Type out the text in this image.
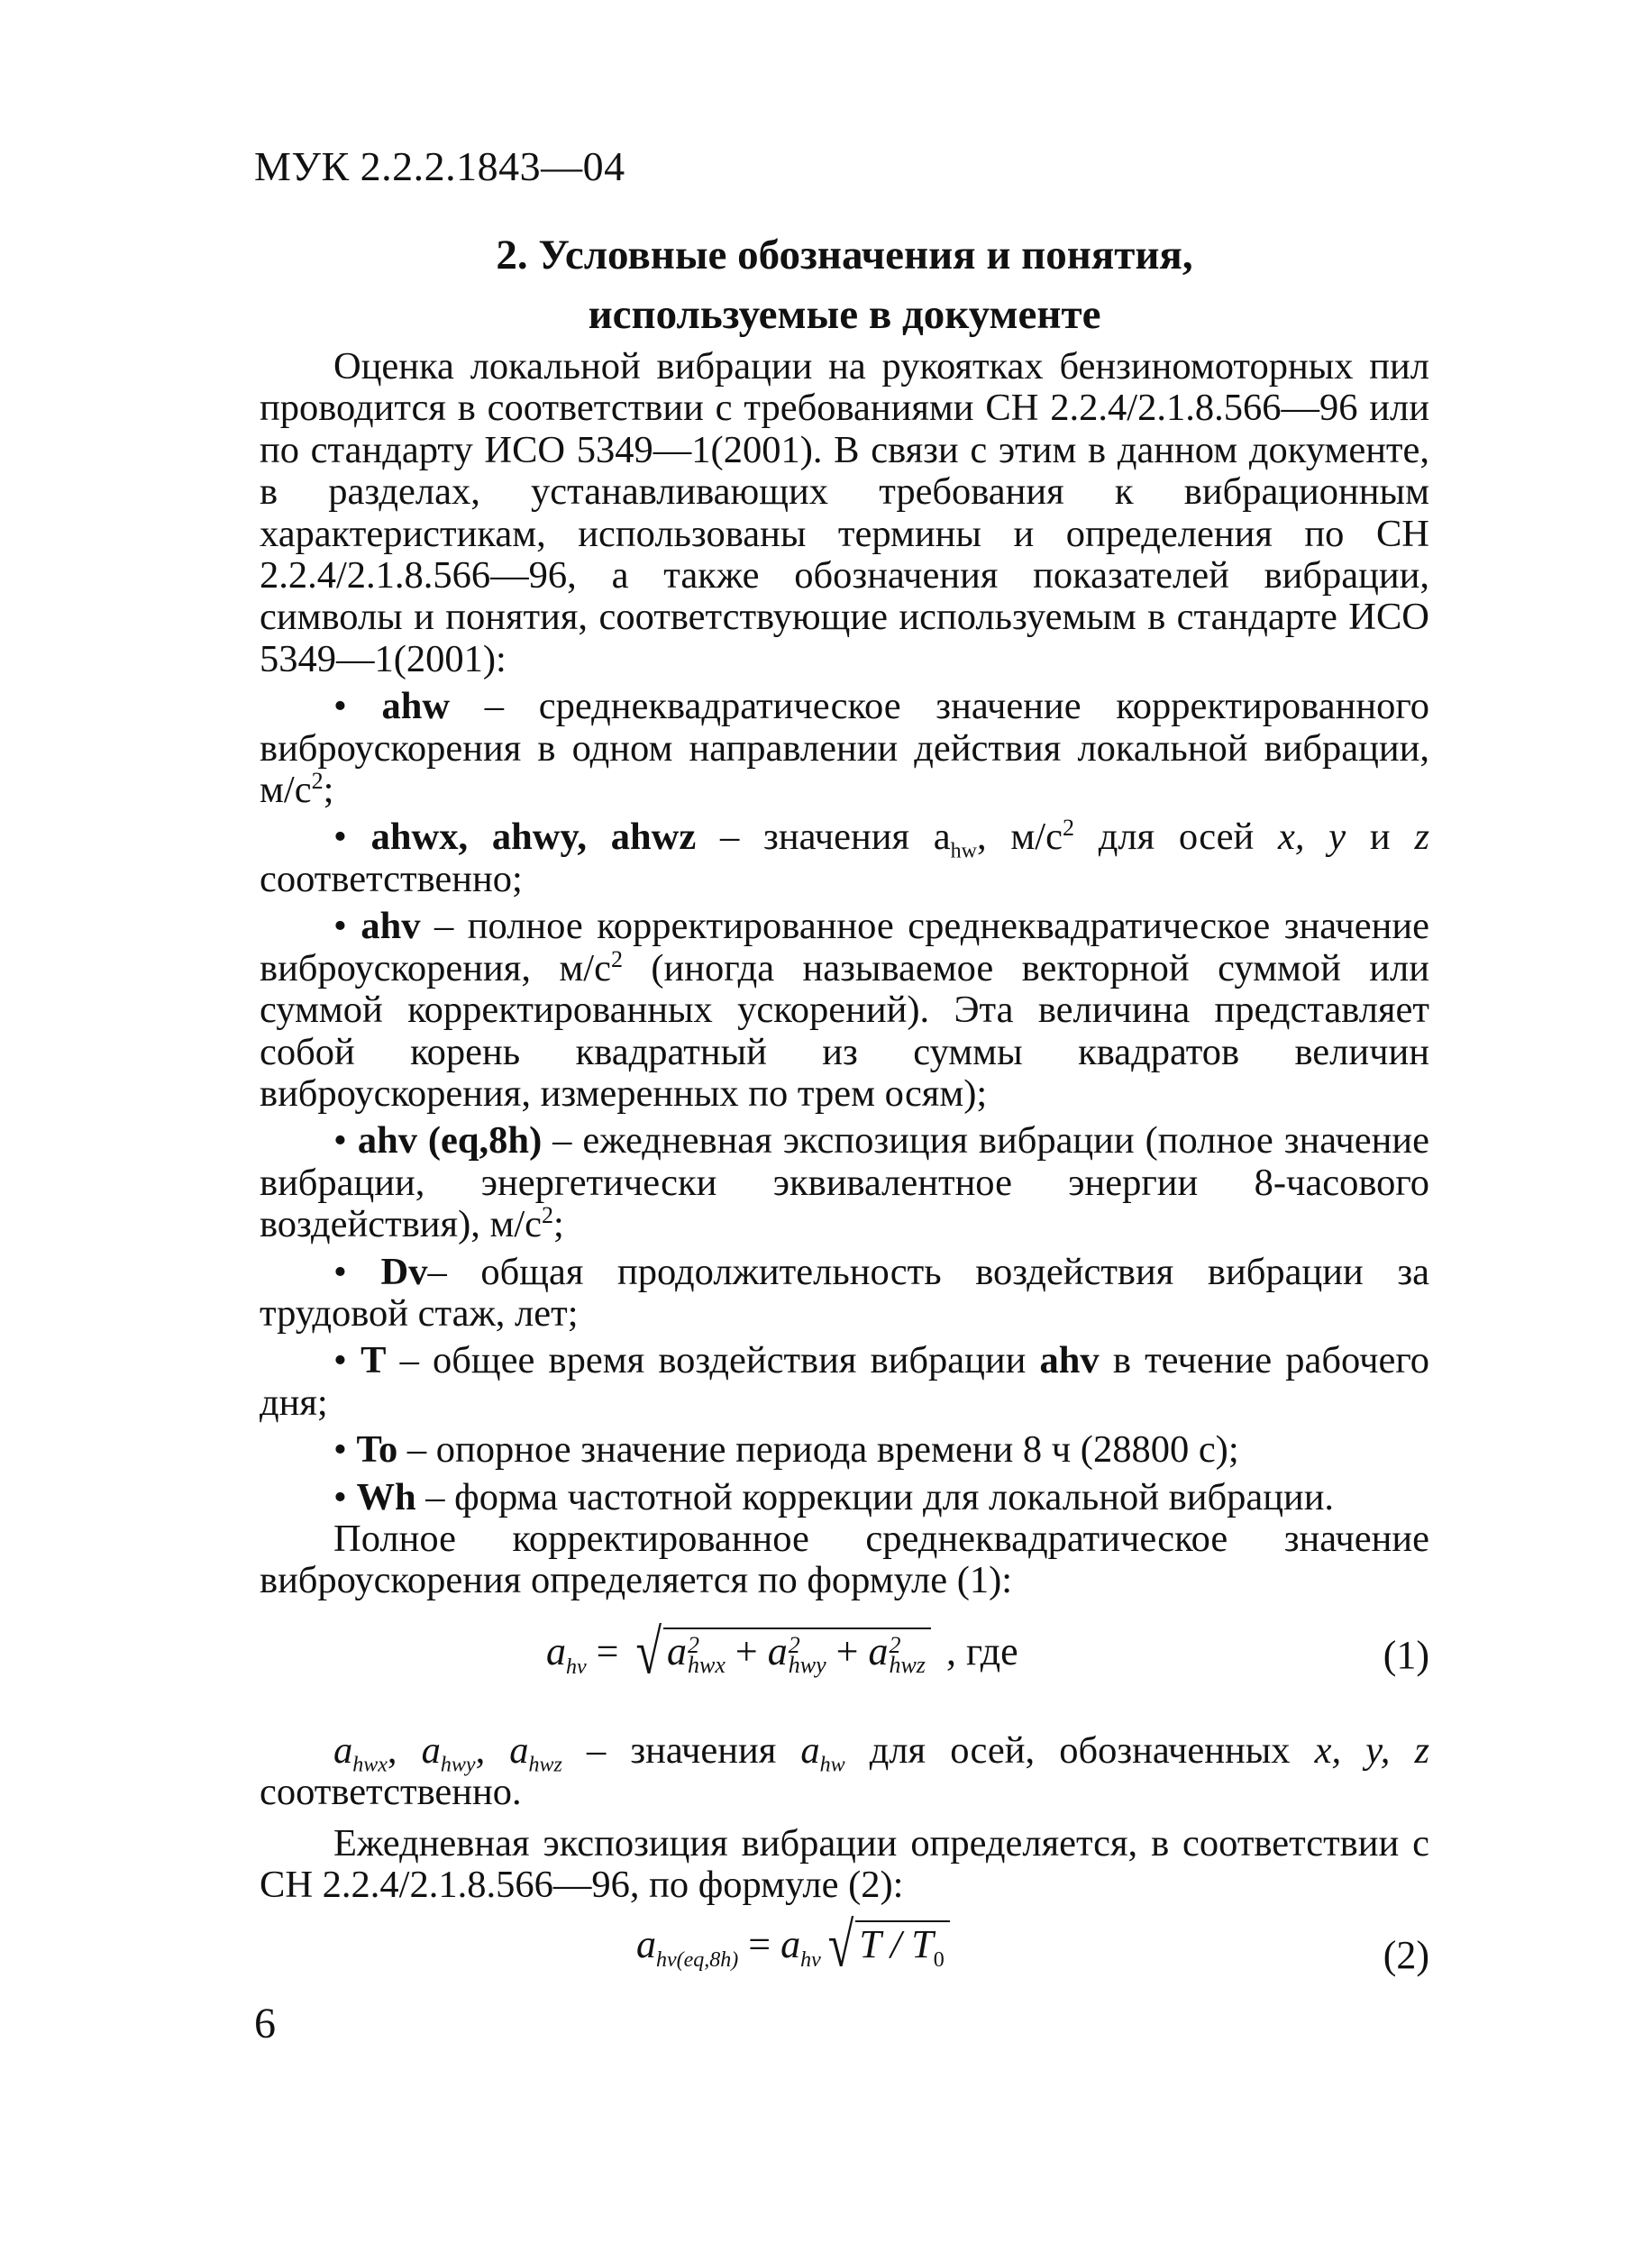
МУК 2.2.2.1843—04
2. Условные обозначения и понятия,
используемые в документе

Оценка локальной вибрации на рукоятках бензиномоторных пил проводится в соответствии с требованиями СН 2.2.4/2.1.8.566—96 или по стандарту ИСО 5349—1(2001). В связи с этим в данном документе, в разделах, устанавливающих требования к вибрационным характеристикам, использованы термины и определения по СН 2.2.4/2.1.8.566—96, а также обозначения показателей вибрации, символы и понятия, соответствующие используемым в стандарте ИСО 5349—1(2001):

• ahw – среднеквадратическое значение корректированного виброускорения в одном направлении действия локальной вибрации, $м/с^2$;

• ahwx, ahwy, ahwz – значения $a_{hw}$, $м/с^2$ для осей x, y и z соответственно;

• ahv – полное корректированное среднеквадратическое значение виброускорения, $м/с^2$ (иногда называемое векторной суммой или суммой корректированных ускорений). Эта величина представляет собой корень квадратный из суммы квадратов величин виброускорения, измеренных по трем осям);

• ahv (eq,8h) – ежедневная экспозиция вибрации (полное значение вибрации, энергетически эквивалентное энергии 8-часового воздействия), $м/с^2$;

• Dv– общая продолжительность воздействия вибрации за трудовой стаж, лет;

• T – общее время воздействия вибрации ahv в течение рабочего дня;

• To – опорное значение периода времени 8 ч (28800 с);

• Wh – форма частотной коррекции для локальной вибрации.

Полное корректированное среднеквадратическое значение виброускорения определяется по формуле (1):

$a_{hv}$ = √ a 2
hwx + a 2
hwy + a 2
hwz , где	(1)

$a_{hwx}$, $a_{hwy}$, $a_{hwz}$ – значения $a_{hw}$ для осей, обозначенных x, y, z соответственно.

Ежедневная экспозиция вибрации определяется, в соответствии с СН 2.2.4/2.1.8.566—96, по формуле (2):

$a_{hv(eq,8h)} = a_{hv}$ √ T / $T_0$	(2)
6
